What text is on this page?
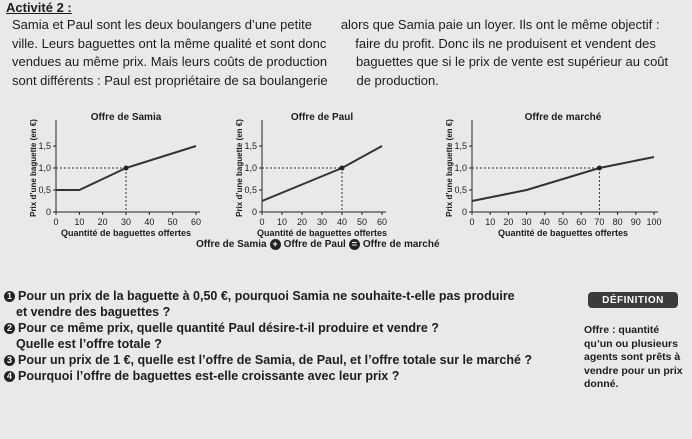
Activité 2 :
Samia et Paul sont les deux boulangers d’une petite        alors que Samia paie un loyer. Ils ont le même objectif :
ville. Leurs baguettes ont la même qualité et sont donc        faire du profit. Donc ils ne produisent et vendent des
vendues au même prix. Mais leurs coûts de production        baguettes que si le prix de vente est supérieur au coût
sont différents : Paul est propriétaire de sa boulangerie        de production.
Offre de Samia
0
0,5
1,0
1,5
0 10 20 30 40 50 60
Quantité de baguettes offertes
Prix d’une baguette (en €)
Offre de Paul
0
0,5
1,0
1,5
0 10 20 30 40 50 60
Quantité de baguettes offertes
Prix d’une baguette (en €)
Offre de marché
0
0,5
1,0
1,5
0 10 20 30 40 50 60 70 80 90 100
Quantité de baguettes offertes
Prix d’une baguette (en €)
Offre de Samia + Offre de Paul = Offre de marché

1 Pour un prix de la baguette à 0,50 €, pourquoi Samia ne souhaite-t-elle pas produire
et vendre des baguettes ?

2 Pour ce même prix, quelle quantité Paul désire-t-il produire et vendre ?
Quelle est l’offre totale ?

3 Pour un prix de 1 €, quelle est l’offre de Samia, de Paul, et l’offre totale sur le marché ?

4 Pourquoi l’offre de baguettes est-elle croissante avec leur prix ?

DÉFINITION
Offre : quantité qu’un ou plusieurs agents sont prêts à vendre pour un prix donné.
